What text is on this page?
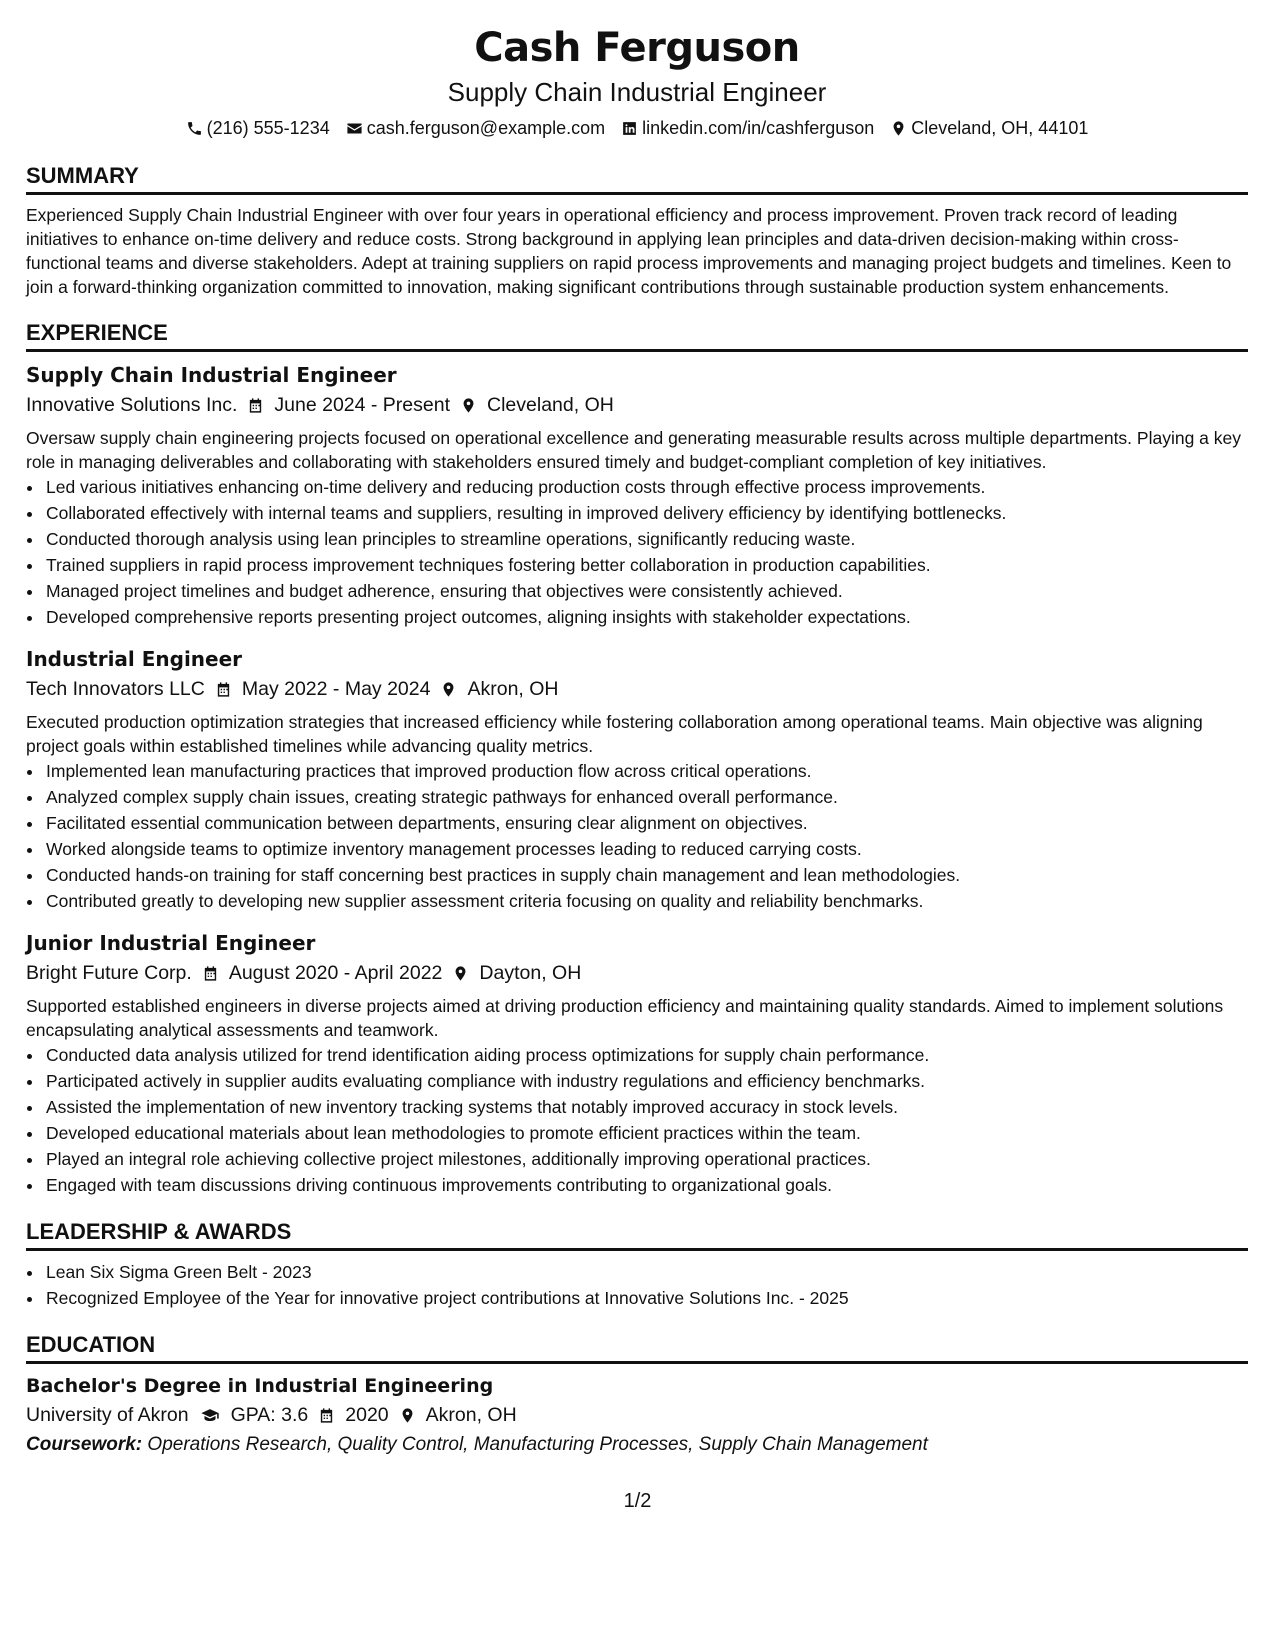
Cash Ferguson
Supply Chain Industrial Engineer
(216) 555-1234 cash.ferguson@example.com linkedin.com/in/cashferguson Cleveland, OH, 44101
SUMMARY
Experienced Supply Chain Industrial Engineer with over four years in operational efficiency and process improvement. Proven track record of leading initiatives to enhance on-time delivery and reduce costs. Strong background in applying lean principles and data-driven decision-making within cross-functional teams and diverse stakeholders. Adept at training suppliers on rapid process improvements and managing project budgets and timelines. Keen to join a forward-thinking organization committed to innovation, making significant contributions through sustainable production system enhancements.
EXPERIENCE
Supply Chain Industrial Engineer
Innovative Solutions Inc. June 2024 - Present Cleveland, OH
Oversaw supply chain engineering projects focused on operational excellence and generating measurable results across multiple departments. Playing a key role in managing deliverables and collaborating with stakeholders ensured timely and budget-compliant completion of key initiatives.
• Led various initiatives enhancing on-time delivery and reducing production costs through effective process improvements.
• Collaborated effectively with internal teams and suppliers, resulting in improved delivery efficiency by identifying bottlenecks.
• Conducted thorough analysis using lean principles to streamline operations, significantly reducing waste.
• Trained suppliers in rapid process improvement techniques fostering better collaboration in production capabilities.
• Managed project timelines and budget adherence, ensuring that objectives were consistently achieved.
• Developed comprehensive reports presenting project outcomes, aligning insights with stakeholder expectations.
Industrial Engineer
Tech Innovators LLC May 2022 - May 2024 Akron, OH
Executed production optimization strategies that increased efficiency while fostering collaboration among operational teams. Main objective was aligning project goals within established timelines while advancing quality metrics.
• Implemented lean manufacturing practices that improved production flow across critical operations.
• Analyzed complex supply chain issues, creating strategic pathways for enhanced overall performance.
• Facilitated essential communication between departments, ensuring clear alignment on objectives.
• Worked alongside teams to optimize inventory management processes leading to reduced carrying costs.
• Conducted hands-on training for staff concerning best practices in supply chain management and lean methodologies.
• Contributed greatly to developing new supplier assessment criteria focusing on quality and reliability benchmarks.
Junior Industrial Engineer
Bright Future Corp. August 2020 - April 2022 Dayton, OH
Supported established engineers in diverse projects aimed at driving production efficiency and maintaining quality standards. Aimed to implement solutions encapsulating analytical assessments and teamwork.
• Conducted data analysis utilized for trend identification aiding process optimizations for supply chain performance.
• Participated actively in supplier audits evaluating compliance with industry regulations and efficiency benchmarks.
• Assisted the implementation of new inventory tracking systems that notably improved accuracy in stock levels.
• Developed educational materials about lean methodologies to promote efficient practices within the team.
• Played an integral role achieving collective project milestones, additionally improving operational practices.
• Engaged with team discussions driving continuous improvements contributing to organizational goals.
LEADERSHIP & AWARDS
• Lean Six Sigma Green Belt - 2023
• Recognized Employee of the Year for innovative project contributions at Innovative Solutions Inc. - 2025
EDUCATION
Bachelor's Degree in Industrial Engineering
University of Akron GPA: 3.6 2020 Akron, OH
Coursework: Operations Research, Quality Control, Manufacturing Processes, Supply Chain Management
1/2
